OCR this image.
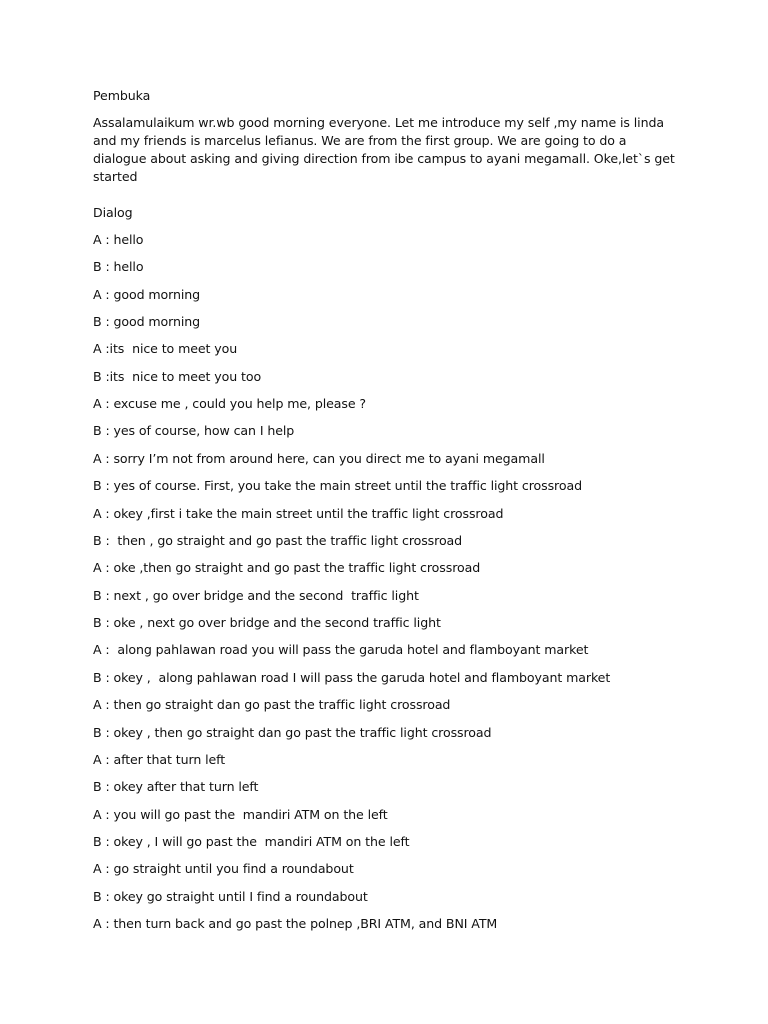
Pembuka
Assalamulaikum wr.wb good morning everyone. Let me introduce my self ,my name is linda and my friends is marcelus lefianus. We are from the first group. We are going to do a dialogue about asking and giving direction from ibe campus to ayani megamall. Oke,let`s get started
Dialog
A : hello
B : hello
A : good morning
B : good morning
A :its  nice to meet you
B :its  nice to meet you too
A : excuse me , could you help me, please ?
B : yes of course, how can I help
A : sorry I’m not from around here, can you direct me to ayani megamall
B : yes of course. First, you take the main street until the traffic light crossroad
A : okey ,first i take the main street until the traffic light crossroad
B :  then , go straight and go past the traffic light crossroad
A : oke ,then go straight and go past the traffic light crossroad
B : next , go over bridge and the second  traffic light
B : oke , next go over bridge and the second traffic light
A :  along pahlawan road you will pass the garuda hotel and flamboyant market
B : okey ,  along pahlawan road I will pass the garuda hotel and flamboyant market
A : then go straight dan go past the traffic light crossroad
B : okey , then go straight dan go past the traffic light crossroad
A : after that turn left
B : okey after that turn left
A : you will go past the  mandiri ATM on the left
B : okey , I will go past the  mandiri ATM on the left
A : go straight until you find a roundabout
B : okey go straight until I find a roundabout
A : then turn back and go past the polnep ,BRI ATM, and BNI ATM
